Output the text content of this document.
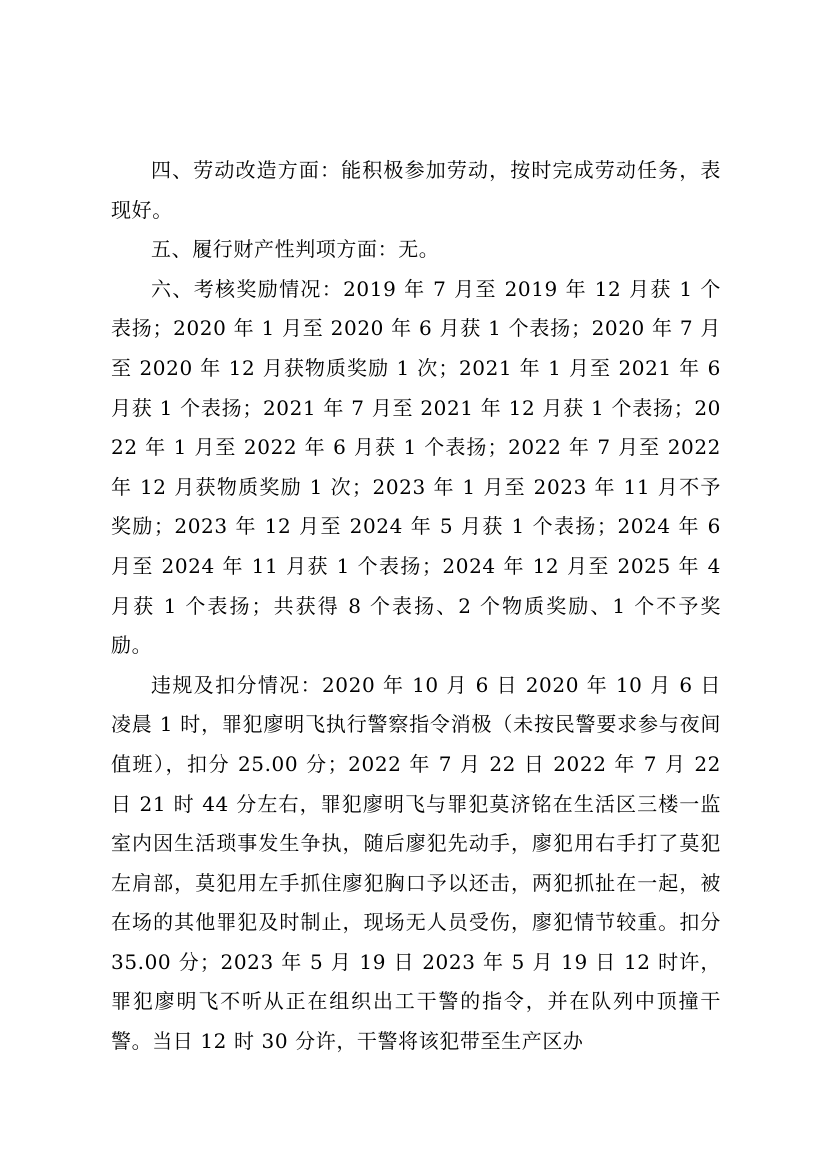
四、劳动改造方面：能积极参加劳动，按时完成劳动任务，表现好。

五、履行财产性判项方面：无。

六、考核奖励情况：2019 年 7 月至 2019 年 12 月获 1 个表扬；2020 年 1 月至 2020 年 6 月获 1 个表扬；2020 年 7 月至 2020 年 12 月获物质奖励 1 次；2021 年 1 月至 2021 年 6 月获 1 个表扬；2021 年 7 月至 2021 年 12 月获 1 个表扬；2022 年 1 月至 2022 年 6 月获 1 个表扬；2022 年 7 月至 2022 年 12 月获物质奖励 1 次；2023 年 1 月至 2023 年 11 月不予奖励；2023 年 12 月至 2024 年 5 月获 1 个表扬；2024 年 6 月至 2024 年 11 月获 1 个表扬；2024 年 12 月至 2025 年 4 月获 1 个表扬；共获得 8 个表扬、2 个物质奖励、1 个不予奖励。

违规及扣分情况：2020 年 10 月 6 日 2020 年 10 月 6 日凌晨 1 时，罪犯廖明飞执行警察指令消极（未按民警要求参与夜间值班），扣分 25.00 分；2022 年 7 月 22 日 2022 年 7 月 22 日 21 时 44 分左右，罪犯廖明飞与罪犯莫济铭在生活区三楼一监室内因生活琐事发生争执，随后廖犯先动手，廖犯用右手打了莫犯左肩部，莫犯用左手抓住廖犯胸口予以还击，两犯抓扯在一起，被在场的其他罪犯及时制止，现场无人员受伤，廖犯情节较重。扣分 35.00 分；2023 年 5 月 19 日 2023 年 5 月 19 日 12 时许，罪犯廖明飞不听从正在组织出工干警的指令，并在队列中顶撞干警。当日 12 时 30 分许，干警将该犯带至生产区办
